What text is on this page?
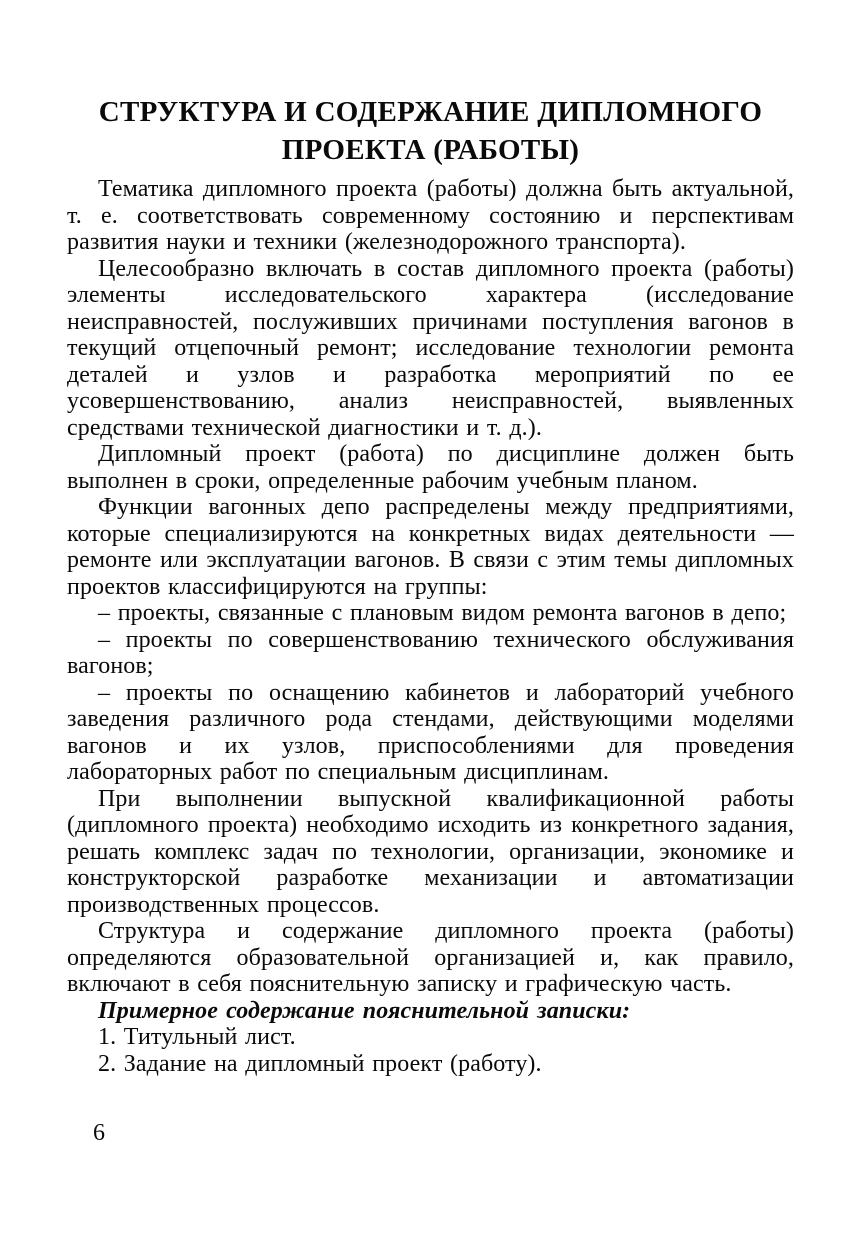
СТРУКТУРА И СОДЕРЖАНИЕ ДИПЛОМНОГО
ПРОЕКТА (РАБОТЫ)

Тематика дипломного проекта (работы) должна быть актуальной, т. е. соответствовать современному состоянию и перспективам развития науки и техники (железнодорожного транспорта).

Целесообразно включать в состав дипломного проекта (работы) элементы исследовательского характера (исследование неисправностей, послуживших причинами поступления вагонов в текущий отцепочный ремонт; исследование технологии ремонта деталей и узлов и разработка мероприятий по ее усовершенствованию, анализ неисправностей, выявленных средствами технической диагностики и т. д.).

Дипломный проект (работа) по дисциплине должен быть выполнен в сроки, определенные рабочим учебным планом.

Функции вагонных депо распределены между предприятиями, которые специализируются на конкретных видах деятельности — ремонте или эксплуатации вагонов. В связи с этим темы дипломных проектов классифицируются на группы:

– проекты, связанные с плановым видом ремонта вагонов в депо;

– проекты по совершенствованию технического обслуживания вагонов;

– проекты по оснащению кабинетов и лабораторий учебного заведения различного рода стендами, действующими моделями вагонов и их узлов, приспособлениями для проведения лабораторных работ по специальным дисциплинам.

При выполнении выпускной квалификационной работы (дипломного проекта) необходимо исходить из конкретного задания, решать комплекс задач по технологии, организации, экономике и конструкторской разработке механизации и автоматизации производственных процессов.

Структура и содержание дипломного проекта (работы) определяются образовательной организацией и, как правило, включают в себя пояснительную записку и графическую часть.

Примерное содержание пояснительной записки:

1. Титульный лист.

2. Задание на дипломный проект (работу).

6
